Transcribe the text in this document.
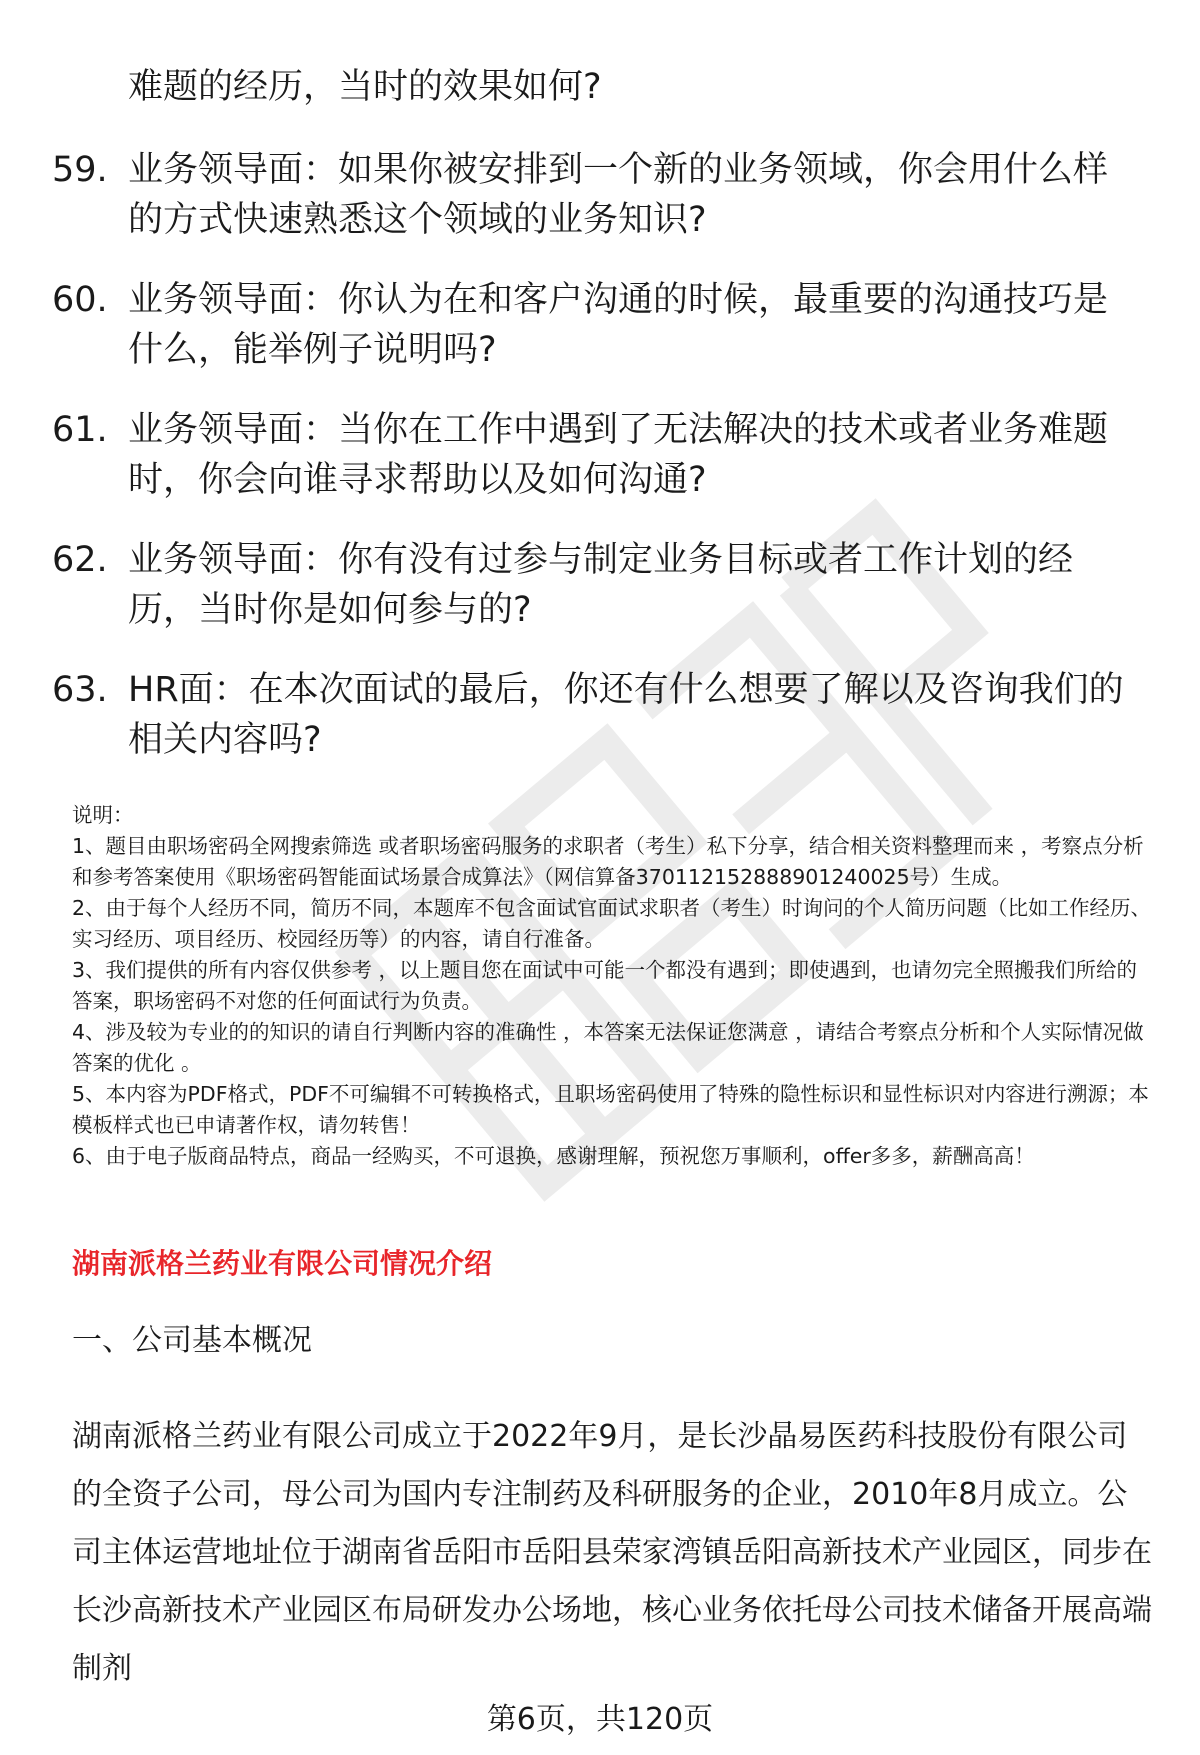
难题的经历，当时的效果如何?

59. 业务领导面：如果你被安排到一个新的业务领域，你会用什么样的方式快速熟悉这个领域的业务知识?
60. 业务领导面：你认为在和客户沟通的时候，最重要的沟通技巧是什么，能举例子说明吗?
61. 业务领导面：当你在工作中遇到了无法解决的技术或者业务难题时，你会向谁寻求帮助以及如何沟通?
62. 业务领导面：你有没有过参与制定业务目标或者工作计划的经历，当时你是如何参与的?
63. HR面：在本次面试的最后，你还有什么想要了解以及咨询我们的相关内容吗?

说明：

1、题目由职场密码全网搜索筛选 或者职场密码服务的求职者（考生）私下分享，结合相关资料整理而来 ，考察点分析和参考答案使用《职场密码智能面试场景合成算法》（网信算备370112152888901240025号）生成。

2、由于每个人经历不同，简历不同，本题库不包含面试官面试求职者（考生）时询问的个人简历问题（比如工作经历、实习经历、项目经历、校园经历等）的内容，请自行准备。

3、我们提供的所有内容仅供参考 ，以上题目您在面试中可能一个都没有遇到；即使遇到，也请勿完全照搬我们所给的答案，职场密码不对您的任何面试行为负责。

4、涉及较为专业的的知识的请自行判断内容的准确性 ，本答案无法保证您满意 ，请结合考察点分析和个人实际情况做答案的优化 。

5、本内容为PDF格式，PDF不可编辑不可转换格式，且职场密码使用了特殊的隐性标识和显性标识对内容进行溯源；本模板样式也已申请著作权，请勿转售！

6、由于电子版商品特点，商品一经购买，不可退换，感谢理解，预祝您万事顺利，offer多多，薪酬高高！

湖南派格兰药业有限公司情况介绍
一、公司基本概况

湖南派格兰药业有限公司成立于2022年9月，是长沙晶易医药科技股份有限公司的全资子公司，母公司为国内专注制药及科研服务的企业，2010年8月成立。公司主体运营地址位于湖南省岳阳市岳阳县荣家湾镇岳阳高新技术产业园区，同步在长沙高新技术产业园区布局研发办公场地，核心业务依托母公司技术储备开展高端制剂

第6页，共120页
